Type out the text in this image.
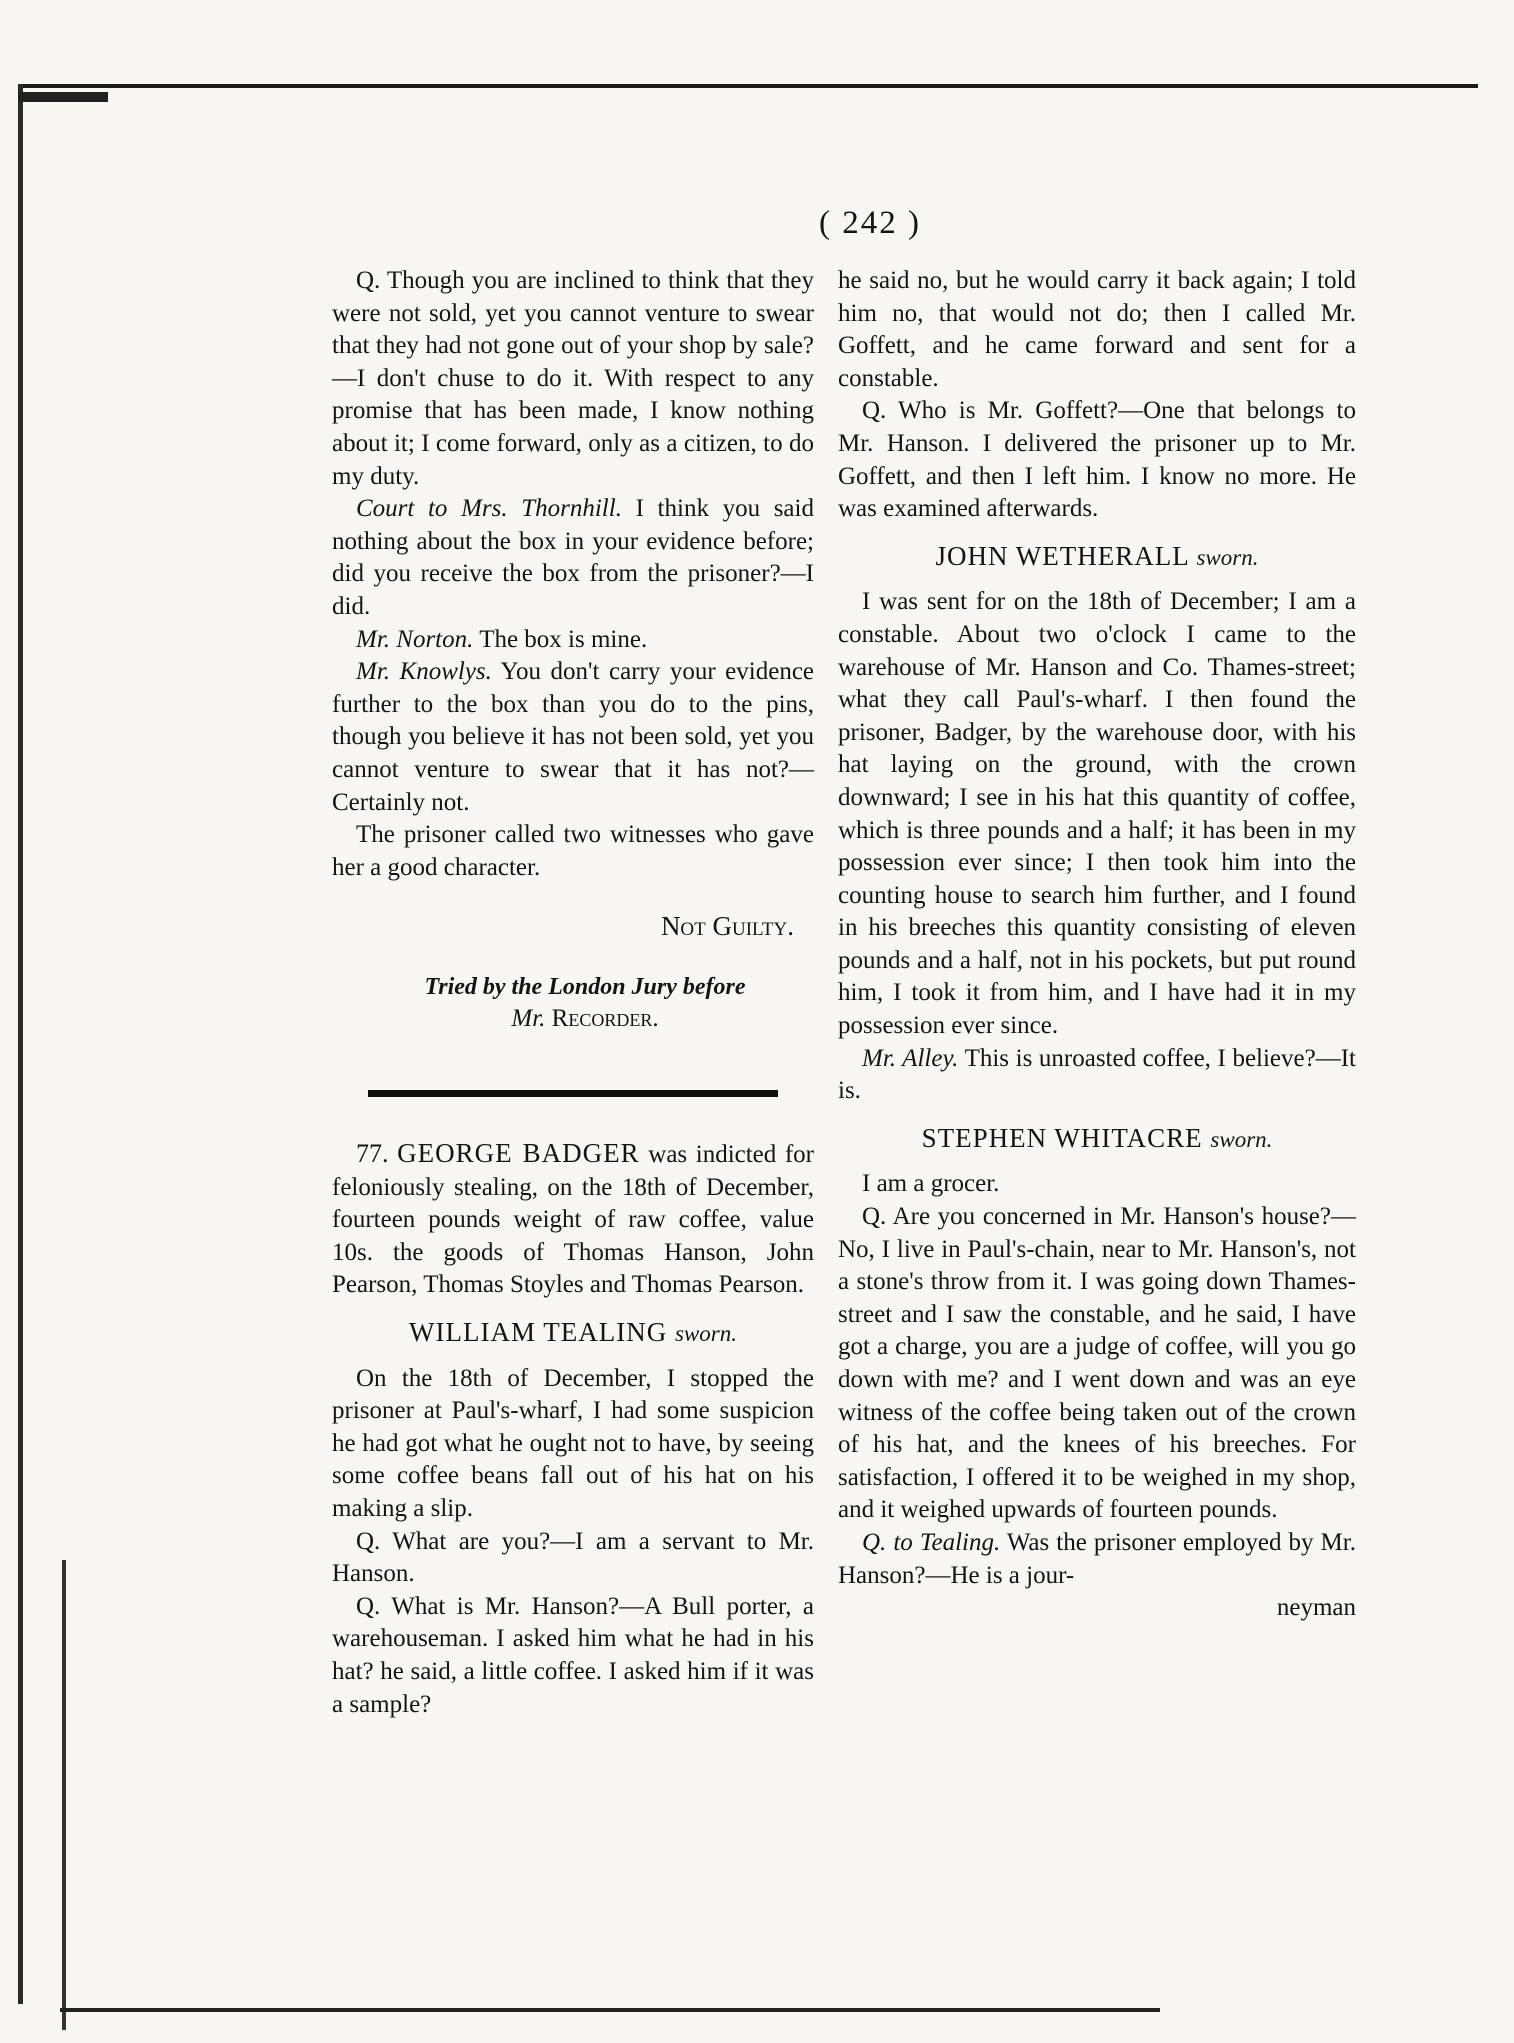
( 242 )

Q. Though you are inclined to think that they were not sold, yet you cannot venture to swear that they had not gone out of your shop by sale?—I don't chuse to do it. With respect to any promise that has been made, I know nothing about it; I come forward, only as a citizen, to do my duty.

Court to Mrs. Thornhill. I think you said nothing about the box in your evidence before; did you receive the box from the prisoner?—I did.

Mr. Norton. The box is mine.

Mr. Knowlys. You don't carry your evidence further to the box than you do to the pins, though you believe it has not been sold, yet you cannot venture to swear that it has not?—Certainly not.

The prisoner called two witnesses who gave her a good character.

Not Guilty.

Tried by the London Jury before

Mr. Recorder.

77. GEORGE BADGER was indicted for feloniously stealing, on the 18th of December, fourteen pounds weight of raw coffee, value 10s. the goods of Thomas Hanson, John Pearson, Thomas Stoyles and Thomas Pearson.

WILLIAM TEALING sworn.

On the 18th of December, I stopped the prisoner at Paul's-wharf, I had some suspicion he had got what he ought not to have, by seeing some coffee beans fall out of his hat on his making a slip.

Q. What are you?—I am a servant to Mr. Hanson.

Q. What is Mr. Hanson?—A Bull porter, a warehouseman. I asked him what he had in his hat? he said, a little coffee. I asked him if it was a sample?

he said no, but he would carry it back again; I told him no, that would not do; then I called Mr. Goffett, and he came forward and sent for a constable.

Q. Who is Mr. Goffett?—One that belongs to Mr. Hanson. I delivered the prisoner up to Mr. Goffett, and then I left him. I know no more. He was examined afterwards.

JOHN WETHERALL sworn.

I was sent for on the 18th of December; I am a constable. About two o'clock I came to the warehouse of Mr. Hanson and Co. Thames-street; what they call Paul's-wharf. I then found the prisoner, Badger, by the warehouse door, with his hat laying on the ground, with the crown downward; I see in his hat this quantity of coffee, which is three pounds and a half; it has been in my possession ever since; I then took him into the counting house to search him further, and I found in his breeches this quantity consisting of eleven pounds and a half, not in his pockets, but put round him, I took it from him, and I have had it in my possession ever since.

Mr. Alley. This is unroasted coffee, I believe?—It is.

STEPHEN WHITACRE sworn.

I am a grocer.

Q. Are you concerned in Mr. Hanson's house?—No, I live in Paul's-chain, near to Mr. Hanson's, not a stone's throw from it. I was going down Thames-street and I saw the constable, and he said, I have got a charge, you are a judge of coffee, will you go down with me? and I went down and was an eye witness of the coffee being taken out of the crown of his hat, and the knees of his breeches. For satisfaction, I offered it to be weighed in my shop, and it weighed upwards of fourteen pounds.

Q. to Tealing. Was the prisoner employed by Mr. Hanson?—He is a jour-

neyman
